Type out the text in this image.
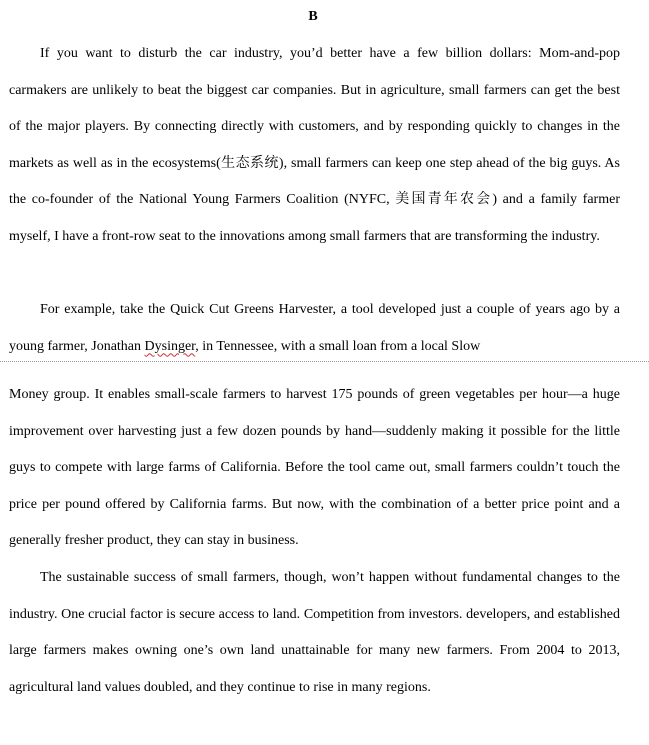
B

If you want to disturb the car industry, you’d better have a few billion dollars: Mom-and-pop carmakers are unlikely to beat the biggest car companies. But in agriculture, small farmers can get the best of the major players. By connecting directly with customers, and by responding quickly to changes in the markets as well as in the ecosystems(生态系统), small farmers can keep one step ahead of the big guys. As the co-founder of the National Young Farmers Coalition (NYFC, 美国青年农会) and a family farmer myself, I have a front-row seat to the innovations among small farmers that are transforming the industry.

For example, take the Quick Cut Greens Harvester, a tool developed just a couple of years ago by a young farmer, Jonathan Dysinger, in Tennessee, with a small loan from a local Slow

Money group. It enables small-scale farmers to harvest 175 pounds of green vegetables per hour—a huge improvement over harvesting just a few dozen pounds by hand—suddenly making it possible for the little guys to compete with large farms of California. Before the tool came out, small farmers couldn’t touch the price per pound offered by California farms. But now, with the combination of a better price point and a generally fresher product, they can stay in business.

The sustainable success of small farmers, though, won’t happen without fundamental changes to the industry. One crucial factor is secure access to land. Competition from investors. developers, and established large farmers makes owning one’s own land unattainable for many new farmers. From 2004 to 2013, agricultural land values doubled, and they continue to rise in many regions.
